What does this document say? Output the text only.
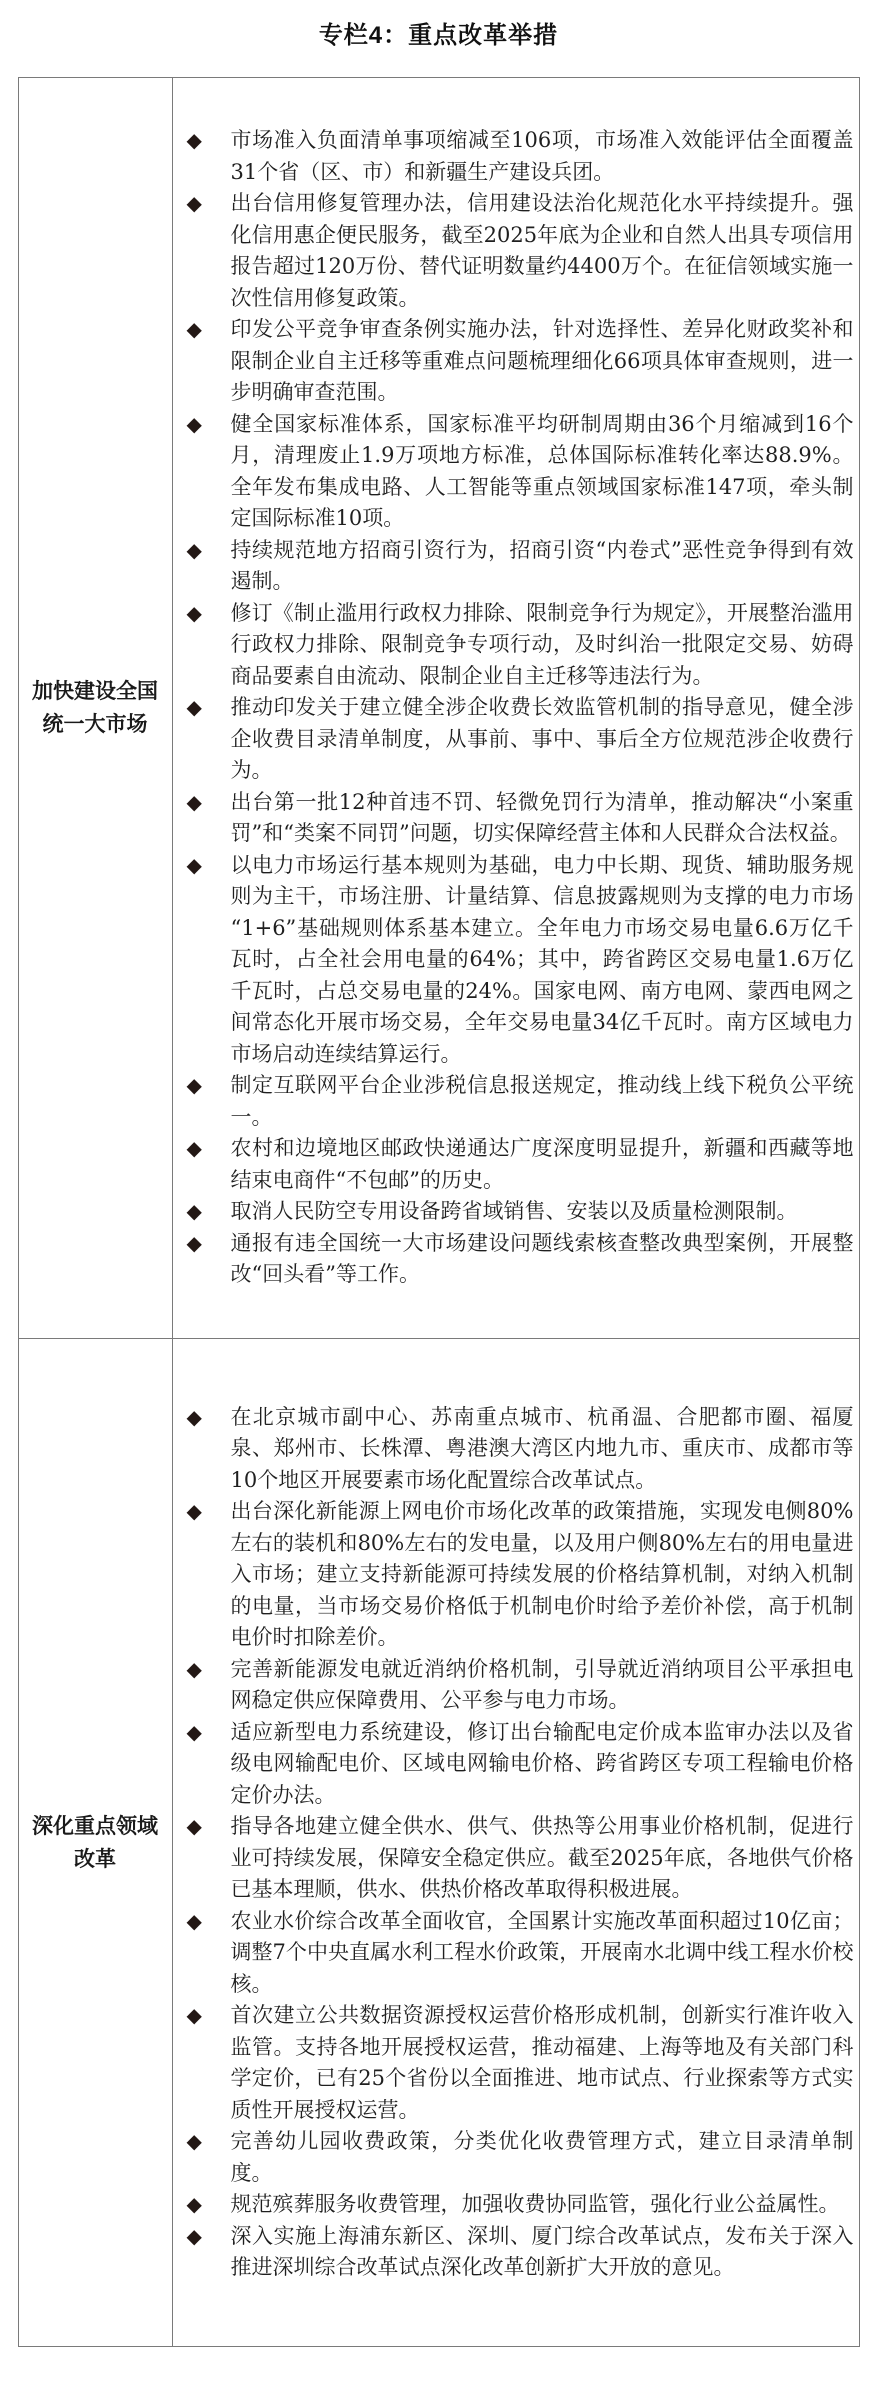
专栏4：重点改革举措
加快建设全国
统一大市场
◆	市场准入负面清单事项缩减至106项，市场准入效能评估全面覆盖31个省（区、市）和新疆生产建设兵团。
◆	出台信用修复管理办法，信用建设法治化规范化水平持续提升。强化信用惠企便民服务，截至2025年底为企业和自然人出具专项信用报告超过120万份、替代证明数量约4400万个。在征信领域实施一次性信用修复政策。
◆	印发公平竞争审查条例实施办法，针对选择性、差异化财政奖补和限制企业自主迁移等重难点问题梳理细化66项具体审查规则，进一步明确审查范围。
◆	健全国家标准体系，国家标准平均研制周期由36个月缩减到16个月，清理废止1.9万项地方标准，总体国际标准转化率达88.9%。全年发布集成电路、人工智能等重点领域国家标准147项，牵头制定国际标准10项。
◆	持续规范地方招商引资行为，招商引资“内卷式”恶性竞争得到有效遏制。
◆	修订《制止滥用行政权力排除、限制竞争行为规定》，开展整治滥用行政权力排除、限制竞争专项行动，及时纠治一批限定交易、妨碍商品要素自由流动、限制企业自主迁移等违法行为。
◆	推动印发关于建立健全涉企收费长效监管机制的指导意见，健全涉企收费目录清单制度，从事前、事中、事后全方位规范涉企收费行为。
◆	出台第一批12种首违不罚、轻微免罚行为清单，推动解决“小案重罚”和“类案不同罚”问题，切实保障经营主体和人民群众合法权益。
◆	以电力市场运行基本规则为基础，电力中长期、现货、辅助服务规则为主干，市场注册、计量结算、信息披露规则为支撑的电力市场“1+6”基础规则体系基本建立。全年电力市场交易电量6.6万亿千瓦时，占全社会用电量的64%；其中，跨省跨区交易电量1.6万亿千瓦时，占总交易电量的24%。国家电网、南方电网、蒙西电网之间常态化开展市场交易，全年交易电量34亿千瓦时。南方区域电力市场启动连续结算运行。
◆	制定互联网平台企业涉税信息报送规定，推动线上线下税负公平统一。
◆	农村和边境地区邮政快递通达广度深度明显提升，新疆和西藏等地结束电商件“不包邮”的历史。
◆	取消人民防空专用设备跨省域销售、安装以及质量检测限制。
◆	通报有违全国统一大市场建设问题线索核查整改典型案例，开展整改“回头看”等工作。
深化重点领域
改革
◆	在北京城市副中心、苏南重点城市、杭甬温、合肥都市圈、福厦泉、郑州市、长株潭、粤港澳大湾区内地九市、重庆市、成都市等10个地区开展要素市场化配置综合改革试点。
◆	出台深化新能源上网电价市场化改革的政策措施，实现发电侧80%左右的装机和80%左右的发电量，以及用户侧80%左右的用电量进入市场；建立支持新能源可持续发展的价格结算机制，对纳入机制的电量，当市场交易价格低于机制电价时给予差价补偿，高于机制电价时扣除差价。
◆	完善新能源发电就近消纳价格机制，引导就近消纳项目公平承担电网稳定供应保障费用、公平参与电力市场。
◆	适应新型电力系统建设，修订出台输配电定价成本监审办法以及省级电网输配电价、区域电网输电价格、跨省跨区专项工程输电价格定价办法。
◆	指导各地建立健全供水、供气、供热等公用事业价格机制，促进行业可持续发展，保障安全稳定供应。截至2025年底，各地供气价格已基本理顺，供水、供热价格改革取得积极进展。
◆	农业水价综合改革全面收官，全国累计实施改革面积超过10亿亩；调整7个中央直属水利工程水价政策，开展南水北调中线工程水价校核。
◆	首次建立公共数据资源授权运营价格形成机制，创新实行准许收入监管。支持各地开展授权运营，推动福建、上海等地及有关部门科学定价，已有25个省份以全面推进、地市试点、行业探索等方式实质性开展授权运营。
◆	完善幼儿园收费政策，分类优化收费管理方式，建立目录清单制度。
◆	规范殡葬服务收费管理，加强收费协同监管，强化行业公益属性。
◆	深入实施上海浦东新区、深圳、厦门综合改革试点，发布关于深入推进深圳综合改革试点深化改革创新扩大开放的意见。
